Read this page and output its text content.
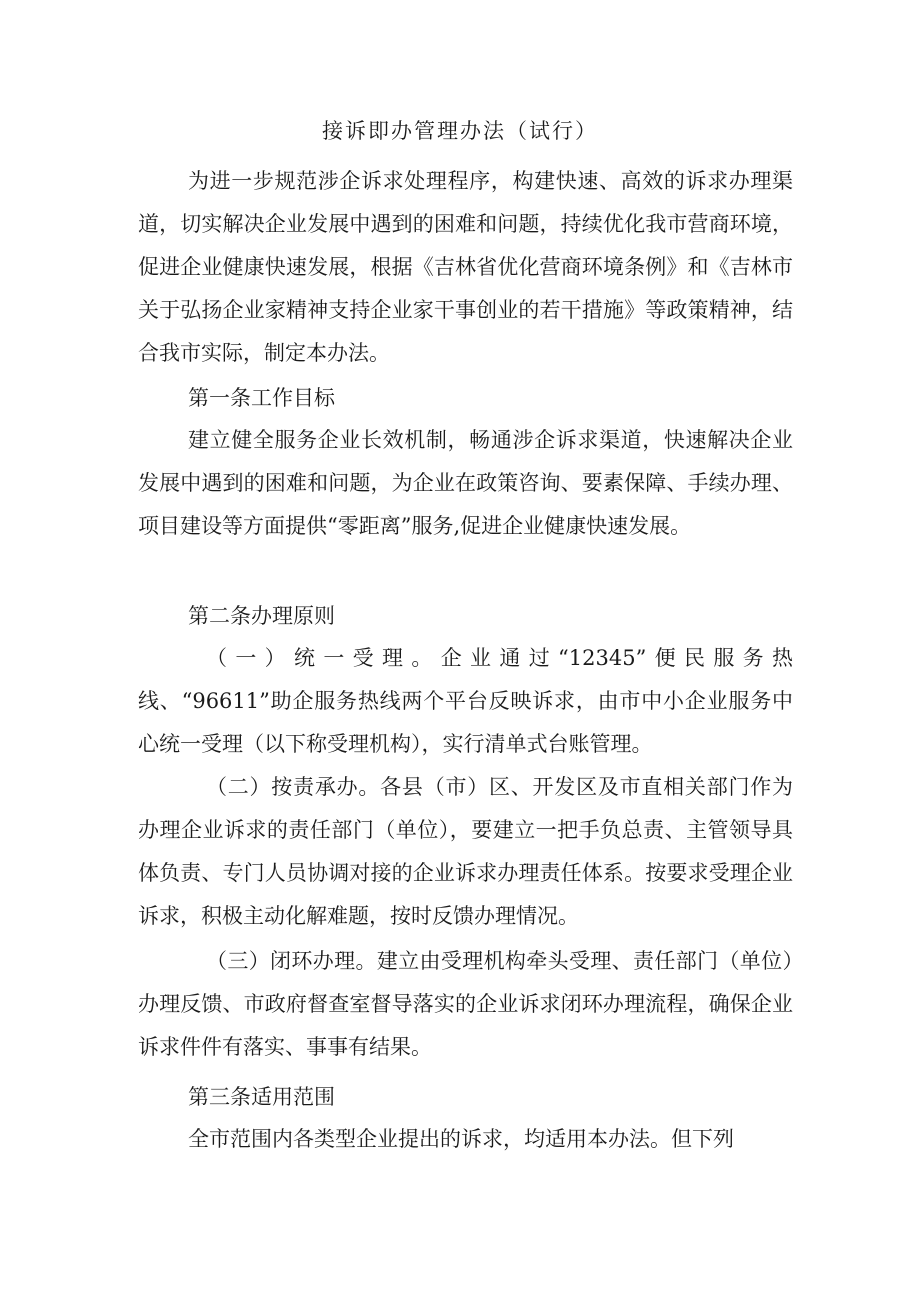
接诉即办管理办法（试行）

为进一步规范涉企诉求处理程序，构建快速、高效的诉求办理渠道，切实解决企业发展中遇到的困难和问题，持续优化我市营商环境，促进企业健康快速发展，根据《吉林省优化营商环境条例》和《吉林市关于弘扬企业家精神支持企业家干事创业的若干措施》等政策精神，结合我市实际，制定本办法。

第一条工作目标

建立健全服务企业长效机制，畅通涉企诉求渠道，快速解决企业发展中遇到的困难和问题，为企业在政策咨询、要素保障、手续办理、项目建设等方面提供“零距离”服务,促进企业健康快速发展。

第二条办理原则

（一）统一受理。企业通过“12345”便民服务热线、“96611”助企服务热线两个平台反映诉求，由市中小企业服务中心统一受理（以下称受理机构），实行清单式台账管理。

（二）按责承办。各县（市）区、开发区及市直相关部门作为办理企业诉求的责任部门（单位），要建立一把手负总责、主管领导具体负责、专门人员协调对接的企业诉求办理责任体系。按要求受理企业诉求，积极主动化解难题，按时反馈办理情况。

（三）闭环办理。建立由受理机构牵头受理、责任部门（单位）办理反馈、市政府督查室督导落实的企业诉求闭环办理流程，确保企业诉求件件有落实、事事有结果。

第三条适用范围

全市范围内各类型企业提出的诉求，均适用本办法。但下列
